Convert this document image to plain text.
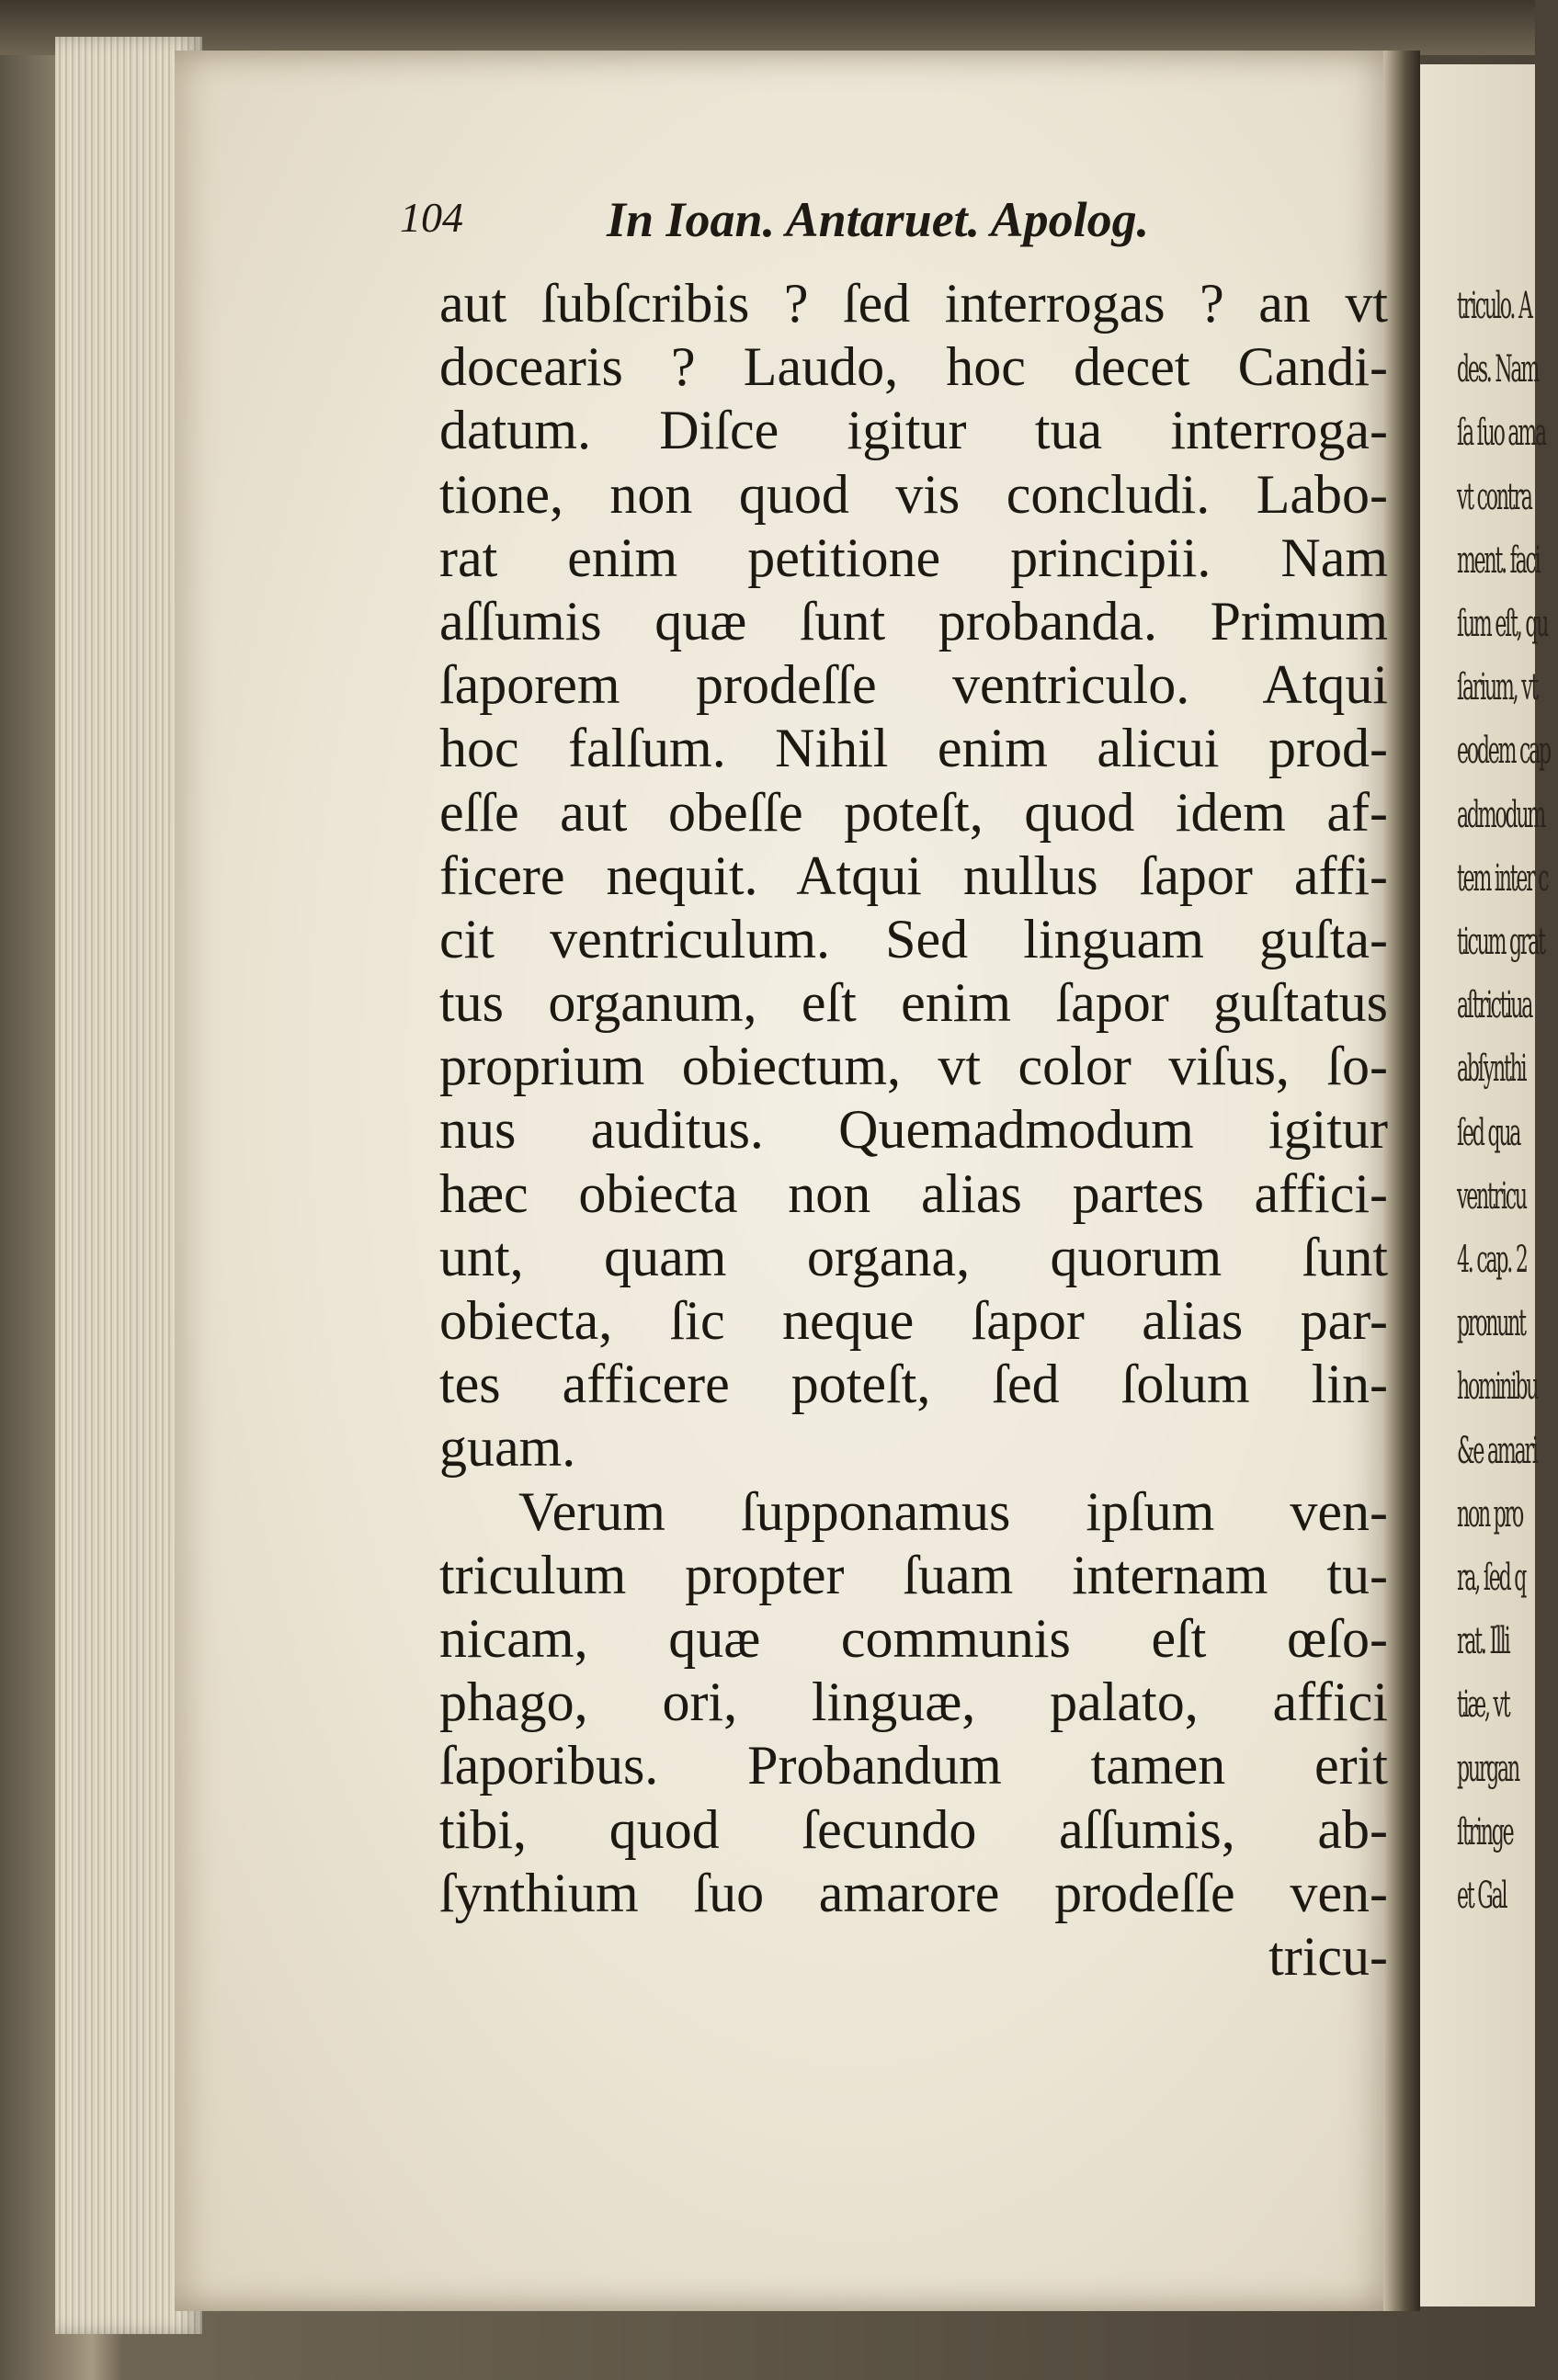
triculo. A
des. Nam
ſa ſuo ama
vt contra
ment. faci
ſum eſt, qu
ſarium, vt
eodem cap
admodum
tem inter c
ticum grat
aſtrictiua
abſynthi
ſed qua
ventricu
4. cap. 2
pronunt
hominibu
&e amari
non pro
ra, ſed q
rat. Illi
tiæ, vt
purgan
ſtringe
et Gal
104	In Ioan. Antaruet. Apolog.
aut ſubſcribis ? ſed interrogas ? an vt
docearis ? Laudo, hoc decet Candi-
datum. Diſce igitur tua interroga-
tione, non quod vis concludi. Labo-
rat enim petitione principii. Nam
aſſumis quæ ſunt probanda. Primum
ſaporem prodeſſe ventriculo. Atqui
hoc falſum. Nihil enim alicui prod-
eſſe aut obeſſe poteſt, quod idem af-
ficere nequit. Atqui nullus ſapor affi-
cit ventriculum. Sed linguam guſta-
tus organum, eſt enim ſapor guſtatus
proprium obiectum, vt color viſus, ſo-
nus auditus. Quemadmodum igitur
hæc obiecta non alias partes affici-
unt, quam organa, quorum ſunt
obiecta, ſic neque ſapor alias par-
tes afficere poteſt, ſed ſolum lin-
guam.
Verum ſupponamus ipſum ven-
triculum propter ſuam internam tu-
nicam, quæ communis eſt œſo-
phago, ori, linguæ, palato, affici
ſaporibus. Probandum tamen erit
tibi, quod ſecundo aſſumis, ab-
ſynthium ſuo amarore prodeſſe ven-
tricu-
